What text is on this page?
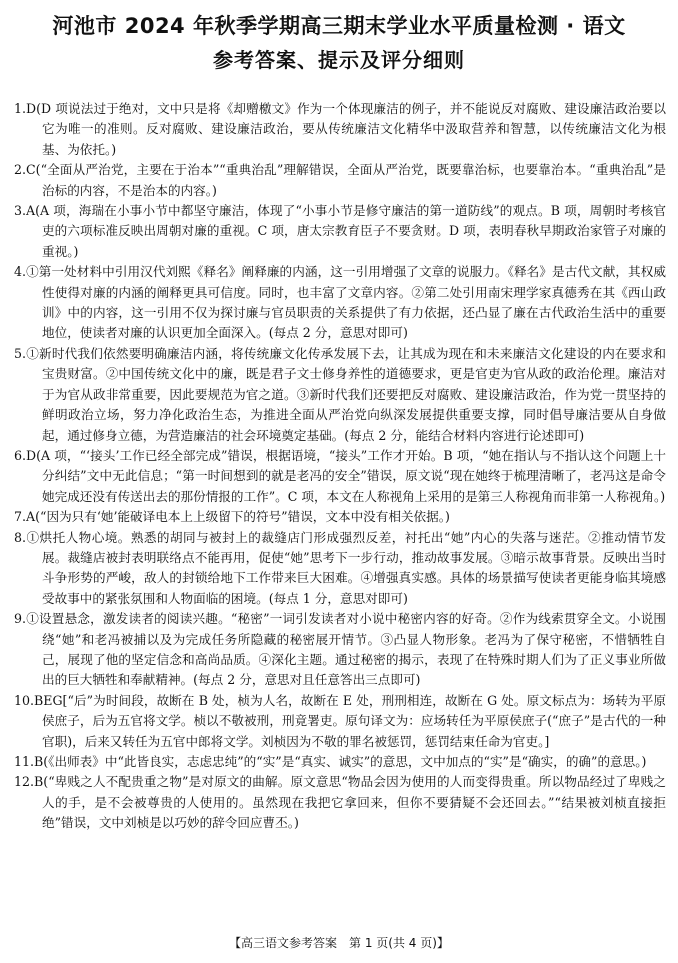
河池市 2024 年秋季学期高三期末学业水平质量检测 · 语文
参考答案、提示及评分细则
1.D(D 项说法过于绝对，文中只是将《却赠檄文》作为一个体现廉洁的例子，并不能说反对腐败、建设廉洁政治要以它为唯一的准则。反对腐败、建设廉洁政治，要从传统廉洁文化精华中汲取营养和智慧，以传统廉洁文化为根基、为依托。)
2.C(“全面从严治党，主要在于治本”“重典治乱”理解错误，全面从严治党，既要靠治标，也要靠治本。“重典治乱”是治标的内容，不是治本的内容。)
3.A(A 项，海瑞在小事小节中都坚守廉洁，体现了“小事小节是修守廉洁的第一道防线”的观点。B 项，周朝时考核官吏的六项标准反映出周朝对廉的重视。C 项，唐太宗教育臣子不要贪财。D 项，表明春秋早期政治家管子对廉的重视。)
4.①第一处材料中引用汉代刘熙《释名》阐释廉的内涵，这一引用增强了文章的说服力。《释名》是古代文献，其权威性使得对廉的内涵的阐释更具可信度。同时，也丰富了文章内容。②第二处引用南宋理学家真德秀在其《西山政训》中的内容，这一引用不仅为探讨廉与官员职责的关系提供了有力依据，还凸显了廉在古代政治生活中的重要地位，使读者对廉的认识更加全面深入。(每点 2 分，意思对即可)
5.①新时代我们依然要明确廉洁内涵，将传统廉文化传承发展下去，让其成为现在和未来廉洁文化建设的内在要求和宝贵财富。②中国传统文化中的廉，既是君子文士修身养性的道德要求，更是官吏为官从政的政治伦理。廉洁对于为官从政非常重要，因此要规范为官之道。③新时代我们还要把反对腐败、建设廉洁政治，作为党一贯坚持的鲜明政治立场，努力净化政治生态，为推进全面从严治党向纵深发展提供重要支撑，同时倡导廉洁要从自身做起，通过修身立德，为营造廉洁的社会环境奠定基础。(每点 2 分，能结合材料内容进行论述即可)
6.D(A 项，“‘接头’工作已经全部完成”错误，根据语境，“接头”工作才开始。B 项，“她在指认与不指认这个问题上十分纠结”文中无此信息；“第一时间想到的就是老冯的安全”错误，原文说“现在她终于梳理清晰了，老冯这是命令她完成还没有传送出去的那份情报的工作”。C 项，本文在人称视角上采用的是第三人称视角而非第一人称视角。)
7.A(“因为只有‘她’能破译电本上上级留下的符号”错误，文本中没有相关依据。)
8.①烘托人物心境。熟悉的胡同与被封上的裁缝店门形成强烈反差，衬托出“她”内心的失落与迷茫。②推动情节发展。裁缝店被封表明联络点不能再用，促使“她”思考下一步行动，推动故事发展。③暗示故事背景。反映出当时斗争形势的严峻，敌人的封锁给地下工作带来巨大困难。④增强真实感。具体的场景描写使读者更能身临其境感受故事中的紧张氛围和人物面临的困境。(每点 1 分，意思对即可)
9.①设置悬念，激发读者的阅读兴趣。“秘密”一词引发读者对小说中秘密内容的好奇。②作为线索贯穿全文。小说围绕“她”和老冯被捕以及为完成任务所隐藏的秘密展开情节。③凸显人物形象。老冯为了保守秘密，不惜牺牲自己，展现了他的坚定信念和高尚品质。④深化主题。通过秘密的揭示，表现了在特殊时期人们为了正义事业所做出的巨大牺牲和奉献精神。(每点 2 分，意思对且任意答出三点即可)
10.BEG[“后”为时间段，故断在 B 处，桢为人名，故断在 E 处，刑刑相连，故断在 G 处。原文标点为：场转为平原侯庶子，后为五官将文学。桢以不敬被刑，刑竟署吏。原句译文为：应场转任为平原侯庶子(“庶子”是古代的一种官职)，后来又转任为五官中郎将文学。刘桢因为不敬的罪名被惩罚，惩罚结束任命为官吏。]
11.B(《出师表》中“此皆良实，志虑忠纯”的“实”是“真实、诚实”的意思，文中加点的“实”是“确实，的确”的意思。)
12.B(“卑贱之人不配贵重之物”是对原文的曲解。原文意思“物品会因为使用的人而变得贵重。所以物品经过了卑贱之人的手，是不会被尊贵的人使用的。虽然现在我把它拿回来，但你不要猜疑不会还回去。”“结果被刘桢直接拒绝”错误，文中刘桢是以巧妙的辞令回应曹丕。)
【高三语文参考答案　第 1 页(共 4 页)】
